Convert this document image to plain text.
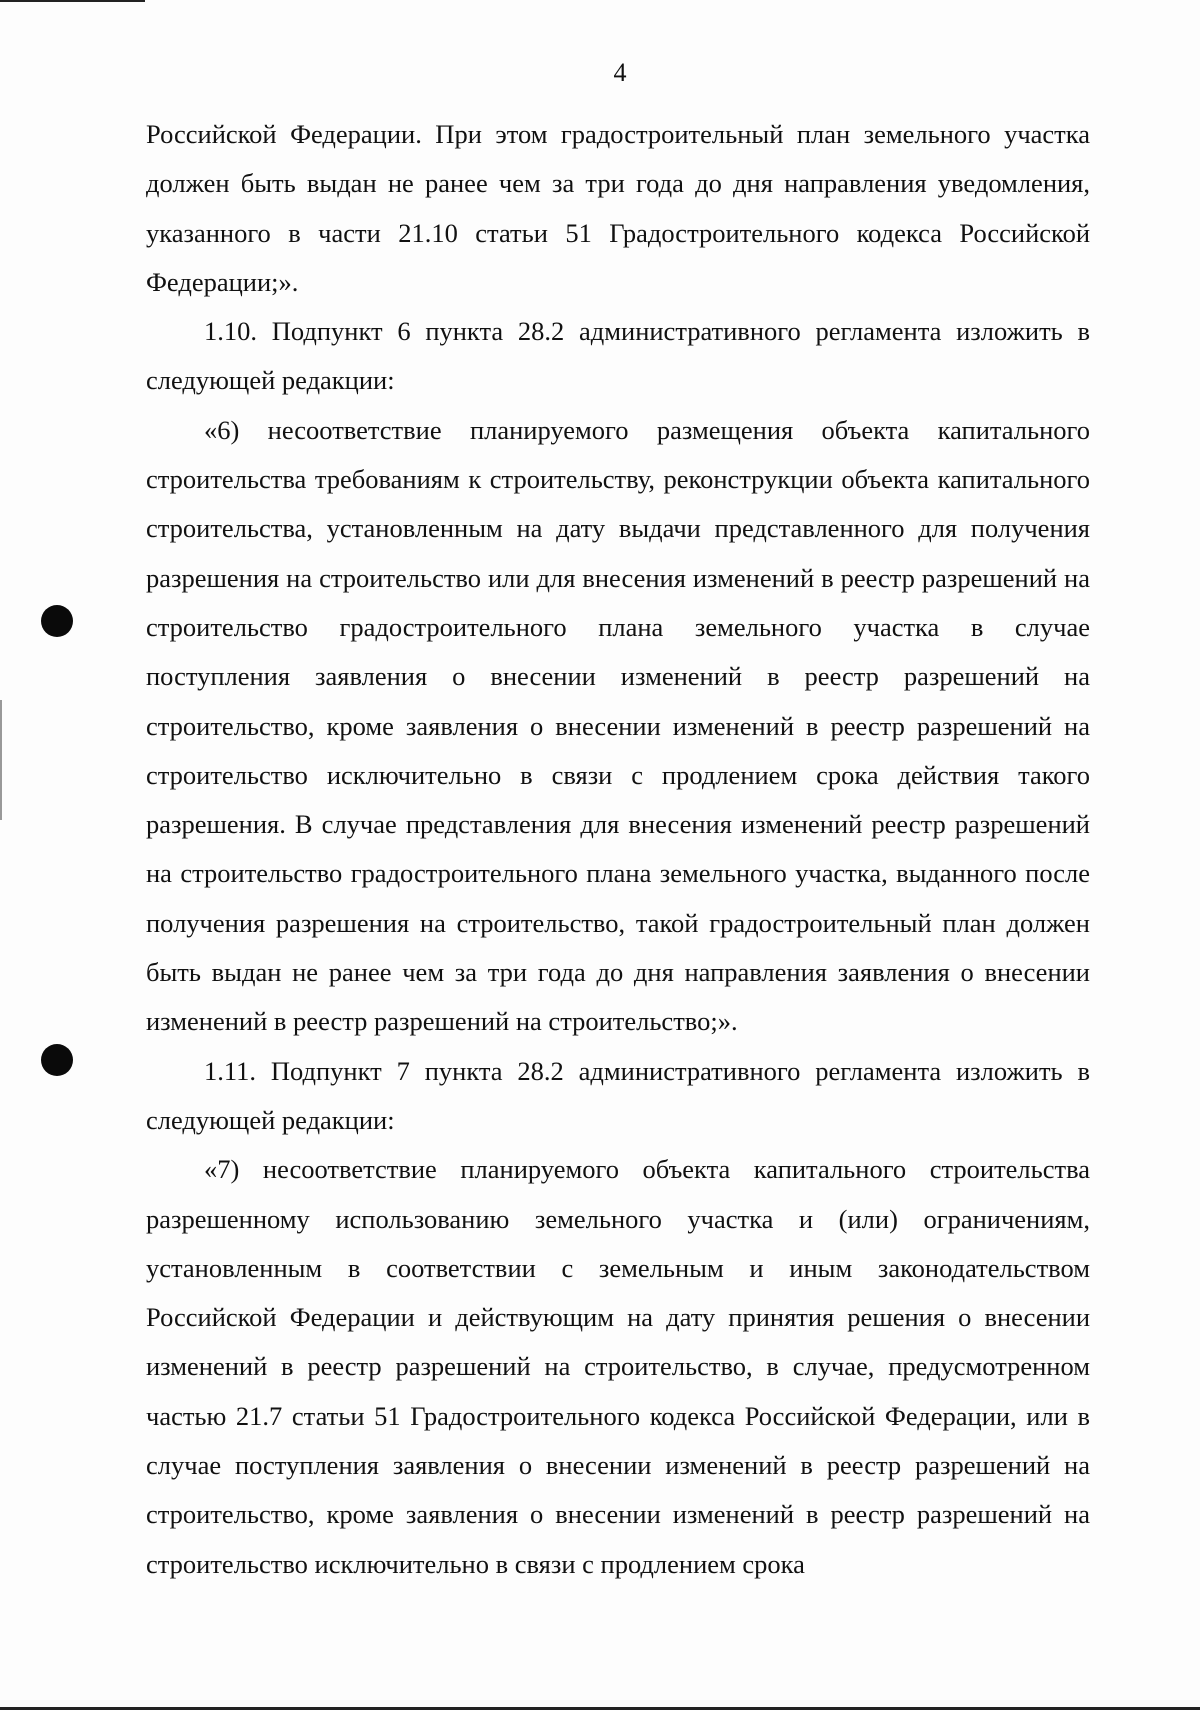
4

Российской Федерации. При этом градостроительный план земельного участка должен быть выдан не ранее чем за три года до дня направления уведомления, указанного в части 21.10 статьи 51 Градостроительного кодекса Российской Федерации;».

1.10. Подпункт 6 пункта 28.2 административного регламента изложить в следующей редакции:

«6) несоответствие планируемого размещения объекта капитального строительства требованиям к строительству, реконструкции объекта капитального строительства, установленным на дату выдачи представленного для получения разрешения на строительство или для внесения изменений в реестр разрешений на строительство градостроительного плана земельного участка в случае поступления заявления о внесении изменений в реестр разрешений на строительство, кроме заявления о внесении изменений в реестр разрешений на строительство исключительно в связи с продлением срока действия такого разрешения. В случае представления для внесения изменений реестр разрешений на строительство градостроительного плана земельного участка, выданного после получения разрешения на строительство, такой градостроительный план должен быть выдан не ранее чем за три года до дня направления заявления о внесении изменений в реестр разрешений на строительство;».

1.11. Подпункт 7 пункта 28.2 административного регламента изложить в следующей редакции:

«7) несоответствие планируемого объекта капитального строительства разрешенному использованию земельного участка и (или) ограничениям, установленным в соответствии с земельным и иным законодательством Российской Федерации и действующим на дату принятия решения о внесении изменений в реестр разрешений на строительство, в случае, предусмотренном частью 21.7 статьи 51 Градостроительного кодекса Российской Федерации, или в случае поступления заявления о внесении изменений в реестр разрешений на строительство, кроме заявления о внесении изменений в реестр разрешений на строительство исключительно в связи с продлением срока
